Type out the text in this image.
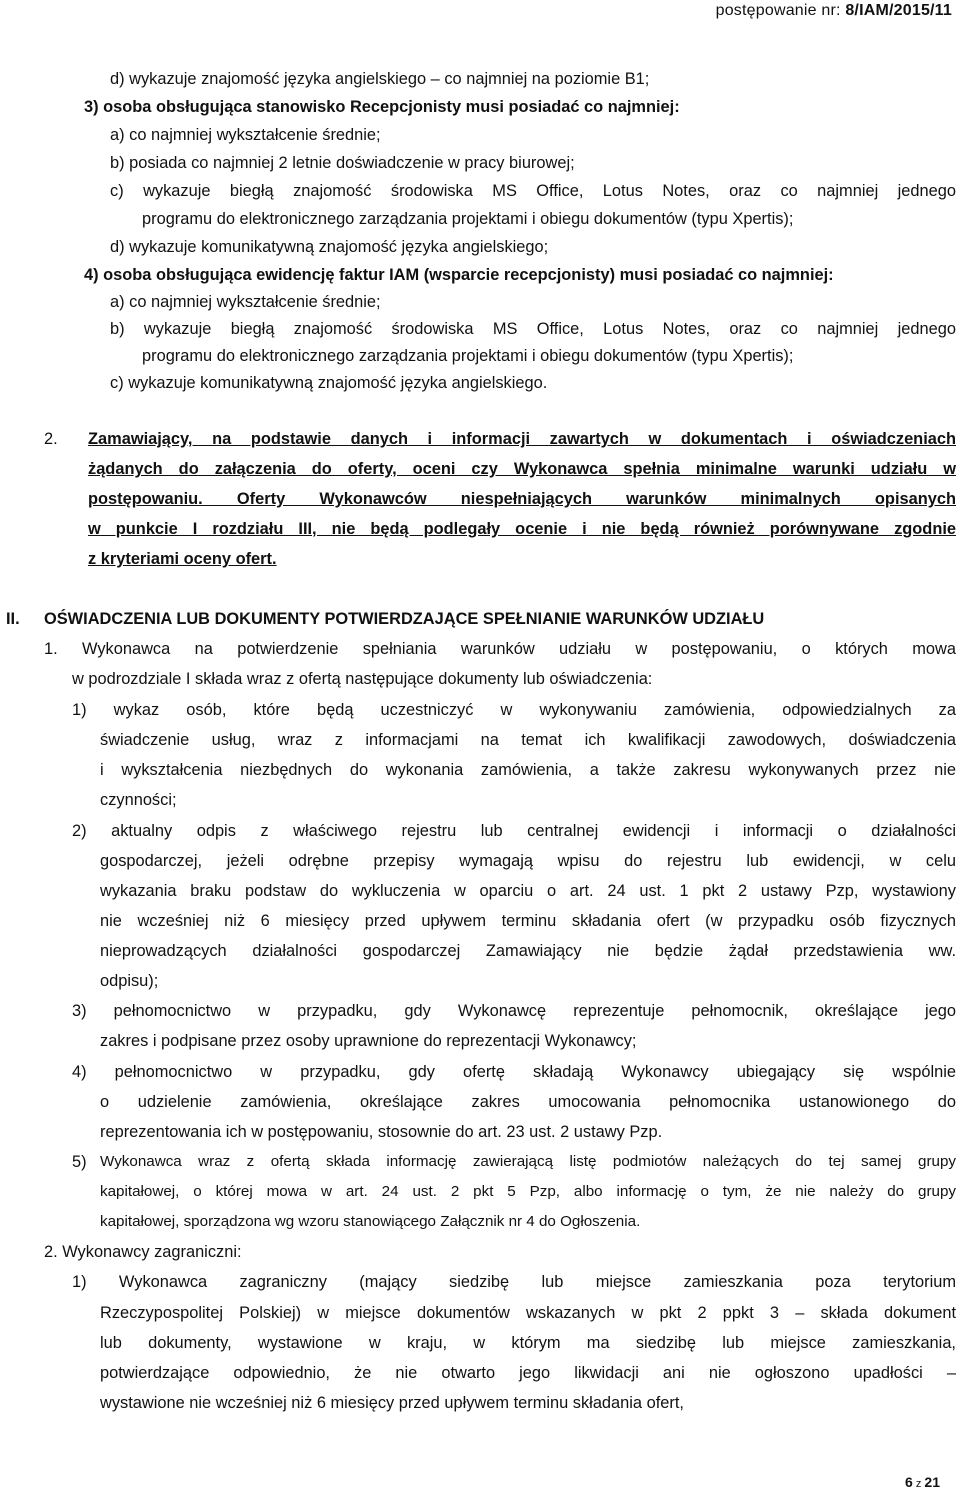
postępowanie nr: 8/IAM/2015/11
d) wykazuje znajomość języka angielskiego – co najmniej na poziomie B1;
3) osoba obsługująca stanowisko Recepcjonisty musi posiadać co najmniej:
a) co najmniej wykształcenie średnie;
b) posiada co najmniej 2 letnie doświadczenie w pracy biurowej;
c) wykazuje biegłą znajomość środowiska MS Office, Lotus Notes, oraz co najmniej jednego
programu do elektronicznego zarządzania projektami i obiegu dokumentów (typu Xpertis);
d) wykazuje komunikatywną znajomość języka angielskiego;
4) osoba obsługująca ewidencję faktur IAM (wsparcie recepcjonisty) musi posiadać co najmniej:
a) co najmniej wykształcenie średnie;
b) wykazuje biegłą znajomość środowiska MS Office, Lotus Notes, oraz co najmniej jednego
programu do elektronicznego zarządzania projektami i obiegu dokumentów (typu Xpertis);
c) wykazuje komunikatywną znajomość języka angielskiego.
2. Zamawiający, na podstawie danych i informacji zawartych w dokumentach i oświadczeniach
żądanych do załączenia do oferty, oceni czy Wykonawca spełnia minimalne warunki udziału w
postępowaniu. Oferty Wykonawców niespełniających warunków minimalnych opisanych
w punkcie I rozdziału III, nie będą podlegały ocenie i nie będą również porównywane zgodnie
z kryteriami oceny ofert.
II. OŚWIADCZENIA LUB DOKUMENTY POTWIERDZAJĄCE SPEŁNIANIE WARUNKÓW UDZIAŁU
1. Wykonawca na potwierdzenie spełniania warunków udziału w postępowaniu, o których mowa
w podrozdziale I składa wraz z ofertą następujące dokumenty lub oświadczenia:
1) wykaz osób, które będą uczestniczyć w wykonywaniu zamówienia, odpowiedzialnych za
świadczenie usług, wraz z informacjami na temat ich kwalifikacji zawodowych, doświadczenia
i wykształcenia niezbędnych do wykonania zamówienia, a także zakresu wykonywanych przez nie
czynności;
2) aktualny odpis z właściwego rejestru lub centralnej ewidencji i informacji o działalności
gospodarczej, jeżeli odrębne przepisy wymagają wpisu do rejestru lub ewidencji, w celu
wykazania braku podstaw do wykluczenia w oparciu o art. 24 ust. 1 pkt 2 ustawy Pzp, wystawiony
nie wcześniej niż 6 miesięcy przed upływem terminu składania ofert (w przypadku osób fizycznych
nieprowadzących działalności gospodarczej Zamawiający nie będzie żądał przedstawienia ww.
odpisu);
3) pełnomocnictwo w przypadku, gdy Wykonawcę reprezentuje pełnomocnik, określające jego
zakres i podpisane przez osoby uprawnione do reprezentacji Wykonawcy;
4) pełnomocnictwo w przypadku, gdy ofertę składają Wykonawcy ubiegający się wspólnie
o udzielenie zamówienia, określające zakres umocowania pełnomocnika ustanowionego do
reprezentowania ich w postępowaniu, stosownie do art. 23 ust. 2 ustawy Pzp.
5) Wykonawca wraz z ofertą składa informację zawierającą listę podmiotów należących do tej samej grupy
kapitałowej, o której mowa w art. 24 ust. 2 pkt 5 Pzp, albo informację o tym, że nie należy do grupy
kapitałowej, sporządzona wg wzoru stanowiącego Załącznik nr 4 do Ogłoszenia.
2. Wykonawcy zagraniczni:
1) Wykonawca zagraniczny (mający siedzibę lub miejsce zamieszkania poza terytorium
Rzeczypospolitej Polskiej) w miejsce dokumentów wskazanych w pkt 2 ppkt 3 – składa dokument
lub dokumenty, wystawione w kraju, w którym ma siedzibę lub miejsce zamieszkania,
potwierdzające odpowiednio, że nie otwarto jego likwidacji ani nie ogłoszono upadłości –
wystawione nie wcześniej niż 6 miesięcy przed upływem terminu składania ofert,
6 z 21
